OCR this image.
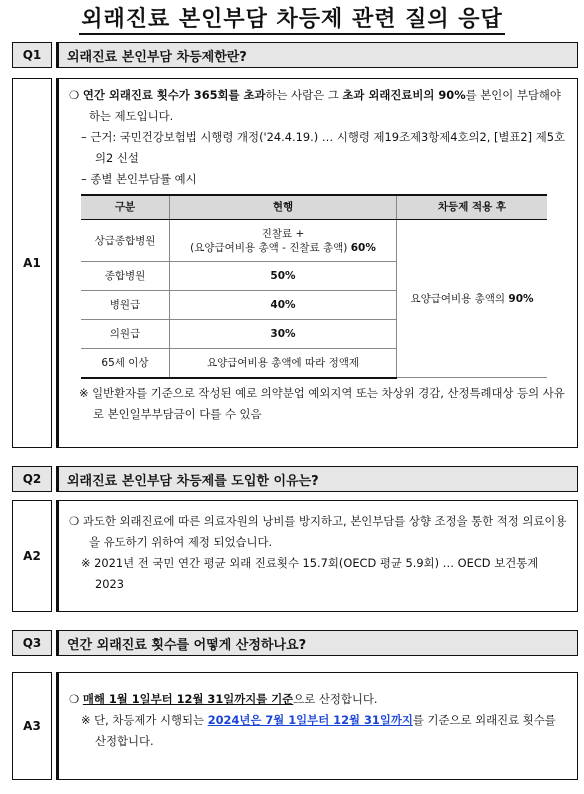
외래진료 본인부담 차등제 관련 질의 응답
Q1	외래진료 본인부담 차등제한란?
A1

❍ 연간 외래진료 횟수가 365회를 초과하는 사람은 그 초과 외래진료비의 90%를 본인이 부담해야하는 제도입니다.

– 근거: 국민건강보험법 시행령 개정('24.4.19.) … 시행령 제19조제3항제4호의2, [별표2] 제5호의2 신설

– 종별 본인부담률 예시

구분	현행	차등제 적용 후
상급종합병원	진찰료 +
(요양급여비용 총액 - 진찰료 총액) 60%	요양급여비용 총액의 90%
종합병원	50%	
병원급	40%	
의원급	30%	
65세 이상	요양급여비용 총액에 따라 정액제	

※ 일반환자를 기준으로 작성된 예로 의약분업 예외지역 또는 차상위 경감, 산정특례대상 등의 사유로 본인일부부담금이 다를 수 있음

Q2	외래진료 본인부담 차등제를 도입한 이유는?
A2

❍ 과도한 외래진료에 따른 의료자원의 낭비를 방지하고, 본인부담를 상향 조정을 통한 적정 의료이용을 유도하기 위하여 제정 되었습니다.

※ 2021년 전 국민 연간 평균 외래 진료횟수 15.7회(OECD 평균 5.9회) … OECD 보건통계 2023

Q3	연간 외래진료 횟수를 어떻게 산정하나요?
A3

❍ 매해 1월 1일부터 12월 31일까지를 기준으로 산정합니다.

※ 단, 차등제가 시행되는 2024년은 7월 1일부터 12월 31일까지를 기준으로 외래진료 횟수를 산정합니다.
